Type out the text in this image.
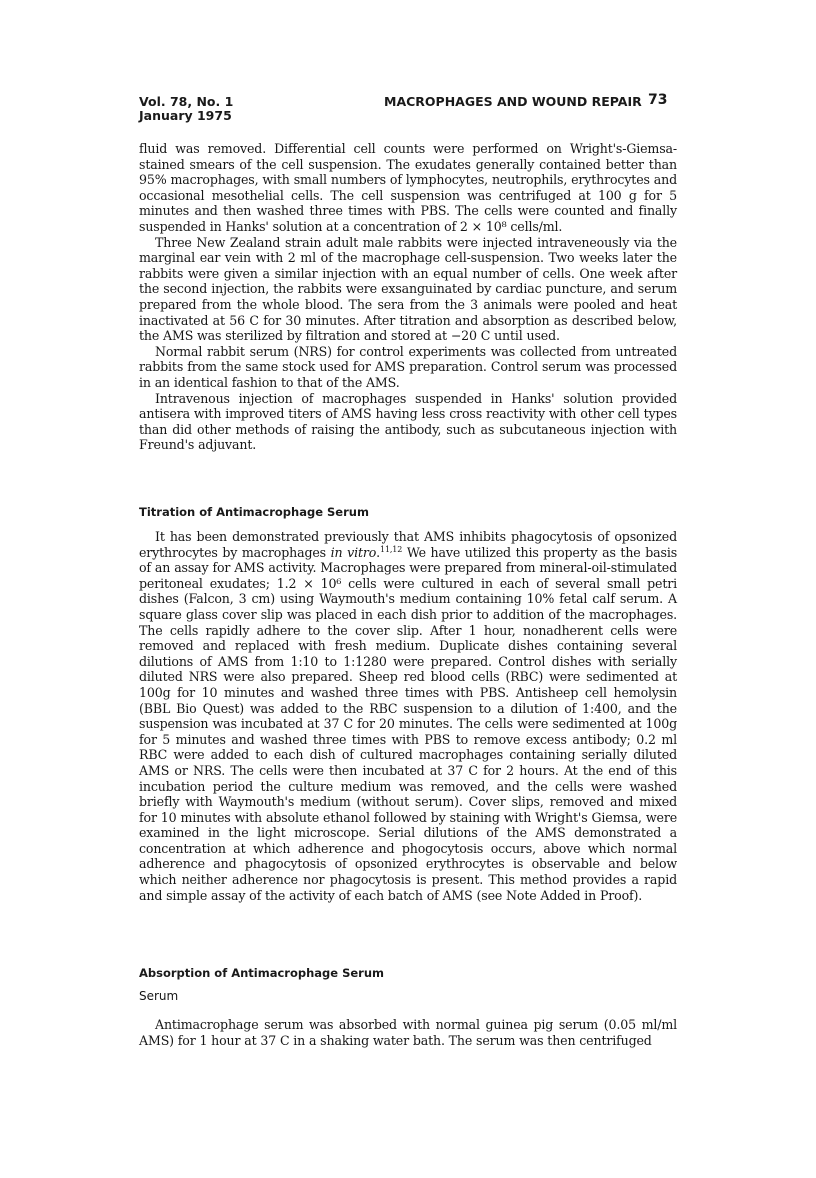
Vol. 78, No. 1
January 1975
MACROPHAGES AND WOUND REPAIR 73

fluid was removed. Differential cell counts were performed on Wright's-Giemsa-stained smears of the cell suspension. The exudates generally contained better than 95% macrophages, with small numbers of lymphocytes, neutrophils, erythrocytes and occasional mesothelial cells. The cell suspension was centrifuged at 100 g for 5 minutes and then washed three times with PBS. The cells were counted and finally suspended in Hanks' solution at a concentration of 2 × 10⁸ cells/ml.

Three New Zealand strain adult male rabbits were injected intraveneously via the marginal ear vein with 2 ml of the macrophage cell-suspension. Two weeks later the rabbits were given a similar injection with an equal number of cells. One week after the second injection, the rabbits were exsanguinated by cardiac puncture, and serum prepared from the whole blood. The sera from the 3 animals were pooled and heat inactivated at 56 C for 30 minutes. After titration and absorption as described below, the AMS was sterilized by filtration and stored at −20 C until used.

Normal rabbit serum (NRS) for control experiments was collected from untreated rabbits from the same stock used for AMS preparation. Control serum was processed in an identical fashion to that of the AMS.

Intravenous injection of macrophages suspended in Hanks' solution provided antisera with improved titers of AMS having less cross reactivity with other cell types than did other methods of raising the antibody, such as subcutaneous injection with Freund's adjuvant.

Titration of Antimacrophage Serum

It has been demonstrated previously that AMS inhibits phagocytosis of opsonized erythrocytes by macrophages in vitro.$^{11,12}$ We have utilized this property as the basis of an assay for AMS activity. Macrophages were prepared from mineral-oil-stimulated peritoneal exudates; 1.2 × 10⁶ cells were cultured in each of several small petri dishes (Falcon, 3 cm) using Waymouth's medium containing 10% fetal calf serum. A square glass cover slip was placed in each dish prior to addition of the macrophages. The cells rapidly adhere to the cover slip. After 1 hour, nonadherent cells were removed and replaced with fresh medium. Duplicate dishes containing several dilutions of AMS from 1:10 to 1:1280 were prepared. Control dishes with serially diluted NRS were also prepared. Sheep red blood cells (RBC) were sedimented at 100g for 10 minutes and washed three times with PBS. Antisheep cell hemolysin (BBL Bio Quest) was added to the RBC suspension to a dilution of 1:400, and the suspension was incubated at 37 C for 20 minutes. The cells were sedimented at 100g for 5 minutes and washed three times with PBS to remove excess antibody; 0.2 ml RBC were added to each dish of cultured macrophages containing serially diluted AMS or NRS. The cells were then incubated at 37 C for 2 hours. At the end of this incubation period the culture medium was removed, and the cells were washed briefly with Waymouth's medium (without serum). Cover slips, removed and mixed for 10 minutes with absolute ethanol followed by staining with Wright's Giemsa, were examined in the light microscope. Serial dilutions of the AMS demonstrated a concentration at which adherence and phogocytosis occurs, above which normal adherence and phagocytosis of opsonized erythrocytes is observable and below which neither adherence nor phagocytosis is present. This method provides a rapid and simple assay of the activity of each batch of AMS (see Note Added in Proof).

Absorption of Antimacrophage Serum
Serum

Antimacrophage serum was absorbed with normal guinea pig serum (0.05 ml/ml AMS) for 1 hour at 37 C in a shaking water bath. The serum was then centrifuged
